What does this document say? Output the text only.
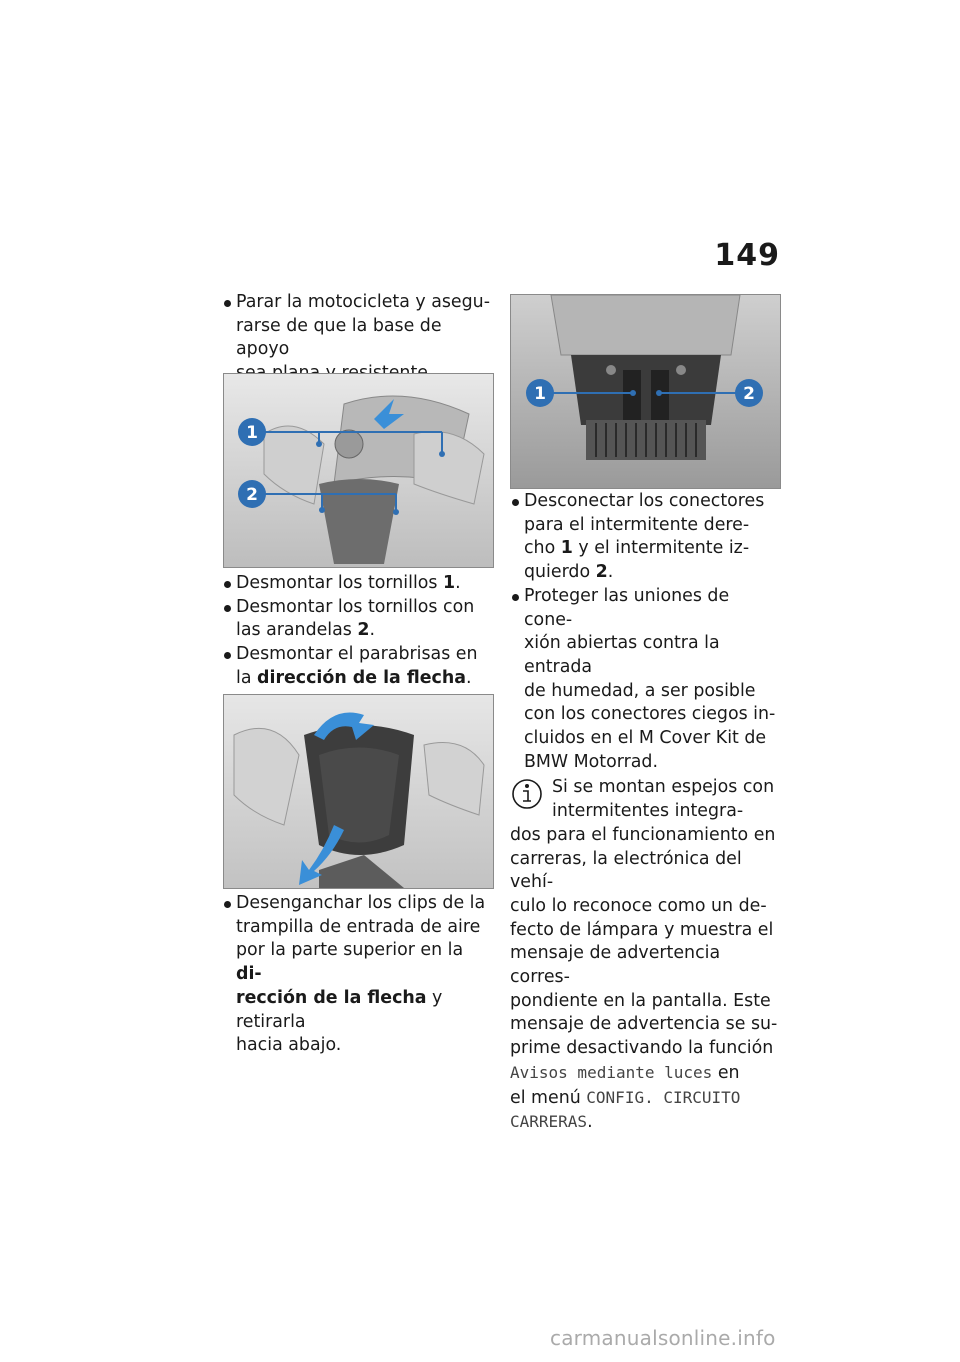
149

Parar la motocicleta y asegu-
rarse de que la base de apoyo

1
2

Desmontar los tornillos 1.

Desmontar los tornillos con
las arandelas 2.

Desmontar el parabrisas en
la dirección de la flecha.

Desenganchar los clips de la
trampilla de entrada de aire
por la parte superior en la di-
rección de la flecha y retirarla
hacia abajo.

1	2

Desconectar los conectores
para el intermitente dere-
cho 1 y el intermitente iz-
quierdo 2.

Proteger las uniones de cone-
xión abiertas contra la entrada
de humedad, a ser posible
con los conectores ciegos in-
cluidos en el M Cover Kit de
BMW Motorrad.

Si se montan espejos con
intermitentes integra-
dos para el funcionamiento en
carreras, la electrónica del vehí-
culo lo reconoce como un de-
fecto de lámpara y muestra el
mensaje de advertencia corres-
pondiente en la pantalla. Este
mensaje de advertencia se su-
prime desactivando la función
Avisos mediante luces en
el menú CONFIG. CIRCUITO
CARRERAS.
carmanualsonline.info
